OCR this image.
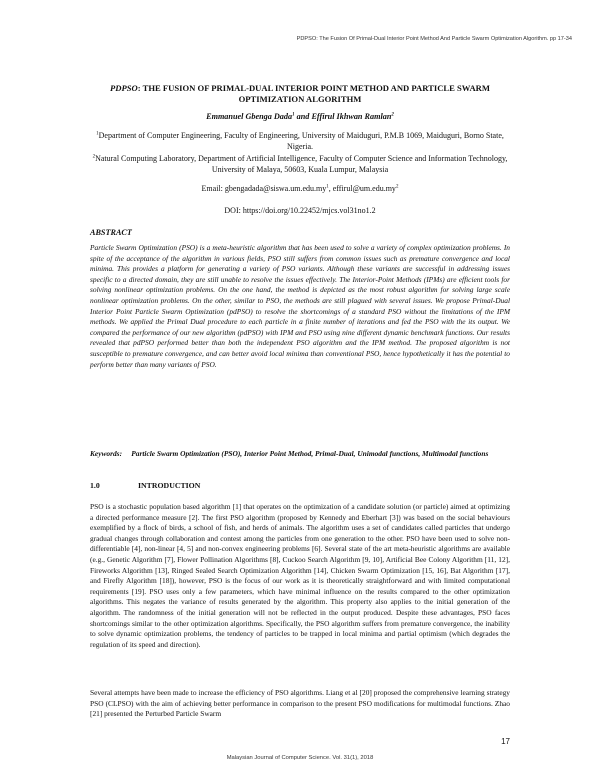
PDPSO: The Fusion Of Primal-Dual Interior Point Method And Particle Swarm Optimization Algorithm. pp 17-34
PDPSO: THE FUSION OF PRIMAL-DUAL INTERIOR POINT METHOD AND PARTICLE SWARM OPTIMIZATION ALGORITHM
Emmanuel Gbenga Dada$^1$ and Effirul Ikhwan Ramlan$^2$
$^1$Department of Computer Engineering, Faculty of Engineering, University of Maiduguri, P.M.B 1069, Maiduguri, Borno State, Nigeria.
$^2$Natural Computing Laboratory, Department of Artificial Intelligence, Faculty of Computer Science and Information Technology, University of Malaya, 50603, Kuala Lumpur, Malaysia
Email: $gbengadada@siswa.um.edu.my^1$, $effirul@um.edu.my^2$
DOI: https://doi.org/10.22452/mjcs.vol31no1.2
ABSTRACT

Particle Swarm Optimization (PSO) is a meta-heuristic algorithm that has been used to solve a variety of complex optimization problems. In spite of the acceptance of the algorithm in various fields, PSO still suffers from common issues such as premature convergence and local minima. This provides a platform for generating a variety of PSO variants. Although these variants are successful in addressing issues specific to a directed domain, they are still unable to resolve the issues effectively. The Interior-Point Methods (IPMs) are efficient tools for solving nonlinear optimization problems. On the one hand, the method is depicted as the most robust algorithm for solving large scale nonlinear optimization problems. On the other, similar to PSO, the methods are still plagued with several issues. We propose Primal-Dual Interior Point Particle Swarm Optimization (pdPSO) to resolve the shortcomings of a standard PSO without the limitations of the IPM methods. We applied the Primal Dual procedure to each particle in a finite number of iterations and fed the PSO with the its output. We compared the performance of our new algorithm (pdPSO) with IPM and PSO using nine different dynamic benchmark functions. Our results revealed that pdPSO performed better than both the independent PSO algorithm and the IPM method. The proposed algorithm is not susceptible to premature convergence, and can better avoid local minima than conventional PSO, hence hypothetically it has the potential to perform better than many variants of PSO.

Keywords: Particle Swarm Optimization (PSO), Interior Point Method, Primal-Dual, Unimodal functions, Multimodal functions

1.0	INTRODUCTION

PSO is a stochastic population based algorithm [1] that operates on the optimization of a candidate solution (or particle) aimed at optimizing a directed performance measure [2]. The first PSO algorithm (proposed by Kennedy and Eberhart [3]) was based on the social behaviours exemplified by a flock of birds, a school of fish, and herds of animals. The algorithm uses a set of candidates called particles that undergo gradual changes through collaboration and contest among the particles from one generation to the other. PSO have been used to solve non-differentiable [4], non-linear [4, 5] and non-convex engineering problems [6]. Several state of the art meta-heuristic algorithms are available (e.g., Genetic Algorithm [7], Flower Pollination Algorithms [8], Cuckoo Search Algorithm [9, 10], Artificial Bee Colony Algorithm [11, 12], Fireworks Algorithm [13], Ringed Sealed Search Optimization Algorithm [14], Chicken Swarm Optimization [15, 16], Bat Algorithm [17], and Firefly Algorithm [18]), however, PSO is the focus of our work as it is theoretically straightforward and with limited computational requirements [19]. PSO uses only a few parameters, which have minimal influence on the results compared to the other optimization algorithms. This negates the variance of results generated by the algorithm. This property also applies to the initial generation of the algorithm. The randomness of the initial generation will not be reflected in the output produced. Despite these advantages, PSO faces shortcomings similar to the other optimization algorithms. Specifically, the PSO algorithm suffers from premature convergence, the inability to solve dynamic optimization problems, the tendency of particles to be trapped in local minima and partial optimism (which degrades the regulation of its speed and direction).

Several attempts have been made to increase the efficiency of PSO algorithms. Liang et al [20] proposed the comprehensive learning strategy PSO (CLPSO) with the aim of achieving better performance in comparison to the present PSO modifications for multimodal functions. Zhao [21] presented the Perturbed Particle Swarm

17
Malaysian Journal of Computer Science. Vol. 31(1), 2018
